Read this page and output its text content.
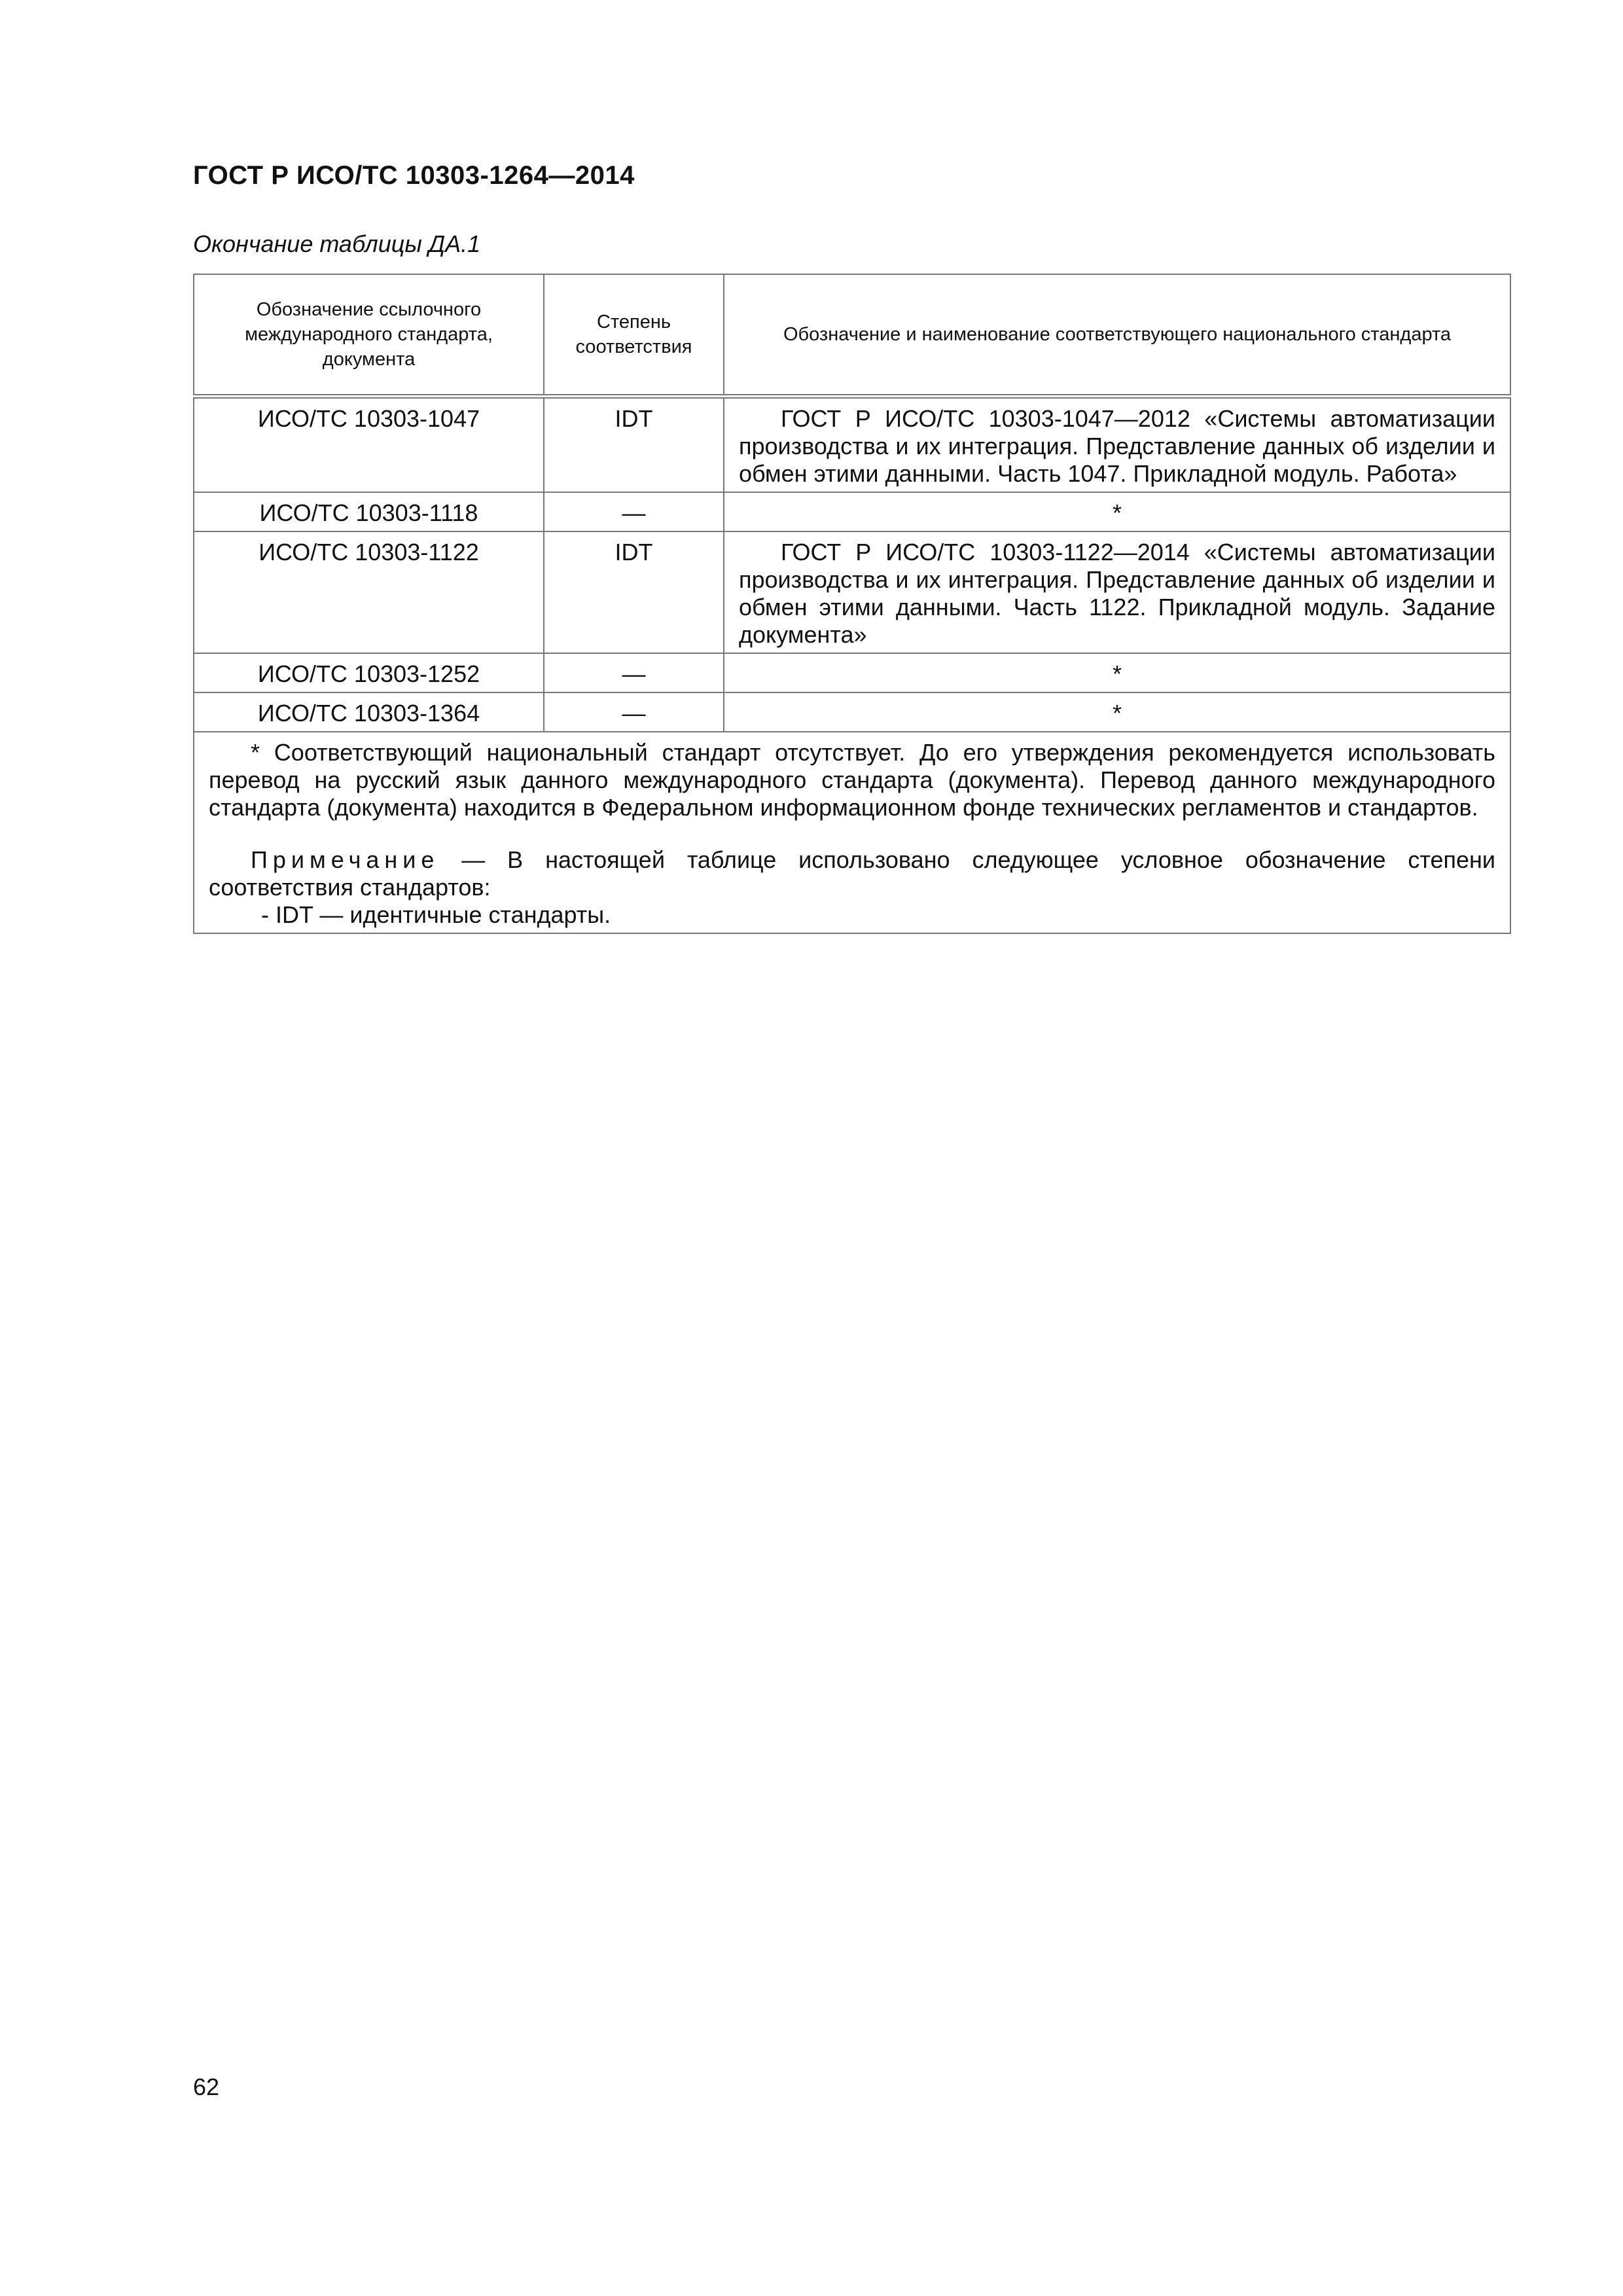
ГОСТ Р ИСО/ТС 10303-1264—2014
Окончание таблицы ДА.1
Обозначение ссылочного международного стандарта, документа	Степень соответствия	Обозначение и наименование соответствующего национального стандарта
ИСО/ТС 10303-1047	IDT	ГОСТ Р ИСО/ТС 10303-1047—2012 «Системы автоматизации производства и их интеграция. Представление данных об изделии и обмен этими данными. Часть 1047. Прикладной модуль. Работа»
ИСО/ТС 10303-1118	—	*
ИСО/ТС 10303-1122	IDT	ГОСТ Р ИСО/ТС 10303-1122—2014 «Системы автоматизации производства и их интеграция. Представление данных об изделии и обмен этими данными. Часть 1122. Прикладной модуль. Задание документа»
ИСО/ТС 10303-1252	—	*
ИСО/ТС 10303-1364	—	*

* Соответствующий национальный стандарт отсутствует. До его утверждения рекомендуется использовать перевод на русский язык данного международного стандарта (документа). Перевод данного международного стандарта (документа) находится в Федеральном информационном фонде технических регламентов и стандартов.

Примечание — В настоящей таблице использовано следующее условное обозначение степени соответствия стандартов:

- IDT — идентичные стандарты.		

62
